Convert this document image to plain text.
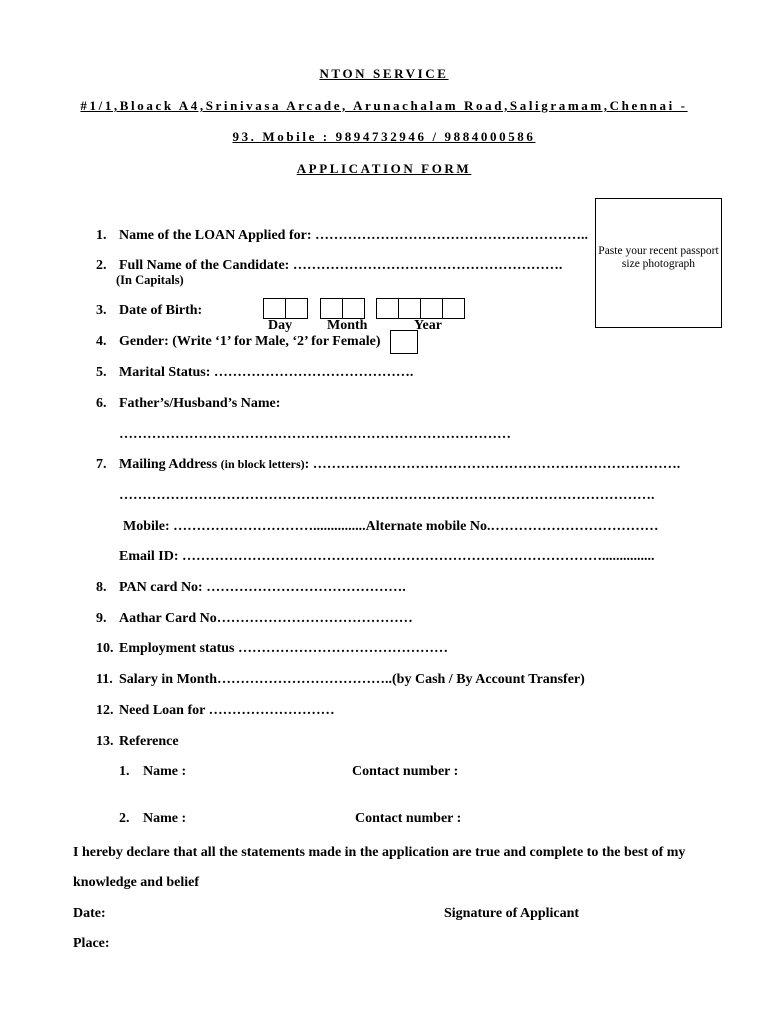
NTON SERVICE
#1/1,Bloack A4,Srinivasa Arcade, Arunachalam Road,Saligramam,Chennai -
93. Mobile : 9894732946 / 9884000586
APPLICATION FORM
Paste your recent passport size photograph
1. Name of the LOAN Applied for: …………………………………………………..
2. Full Name of the Candidate: ………………………………………………….
(In Capitals)
3. Date of Birth:
Day Month	Year
4. Gender: (Write ‘1’ for Male, ‘2’ for Female)
5. Marital Status: …………………………………….
6. Father’s/Husband’s Name:
…………………………………………………………………………
7. Mailing Address (in block letters): …………………………………………………………………….
…………………………………………………………………………………………………….
Mobile: …………………………...............Alternate mobile No.………………………………
Email ID: ………………………………………………………………………………...............
8. PAN card No: …………………………………….
9. Aathar Card No……………………………………
10. Employment status ………………………………………
11. Salary in Month………………………………..(by Cash / By Account Transfer)
12. Need Loan for ………………………
13. Reference
1. Name :	Contact number :
2. Name :	Contact number :
I hereby declare that all the statements made in the application are true and complete to the best of my
knowledge and belief
Date:	Signature of Applicant
Place:
